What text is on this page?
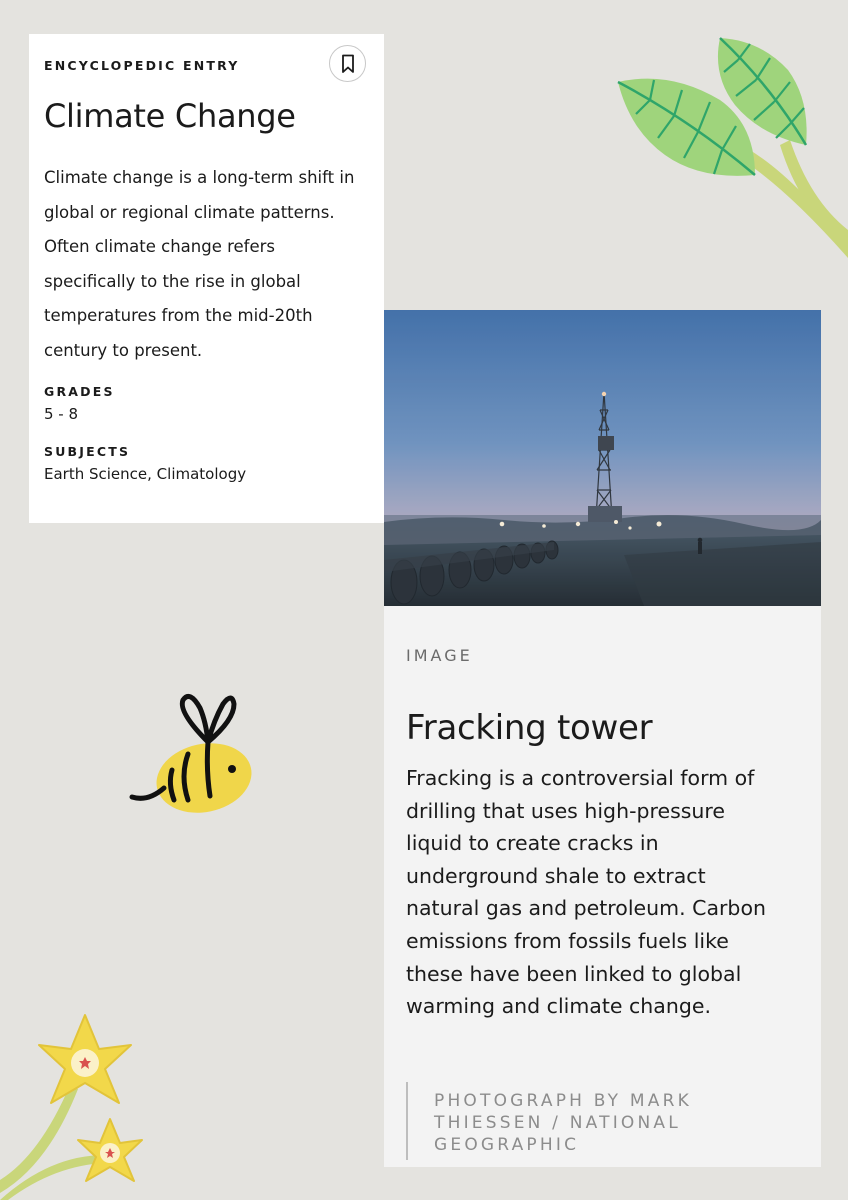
ENCYCLOPEDIC ENTRY

Climate Change

Climate change is a long-term shift in global or regional climate patterns. Often climate change refers specifically to the rise in global temperatures from the mid-20th century to present.

GRADES

5 - 8

SUBJECTS

Earth Science, Climatology

IMAGE

Fracking tower

Fracking is a controversial form of drilling that uses high-pressure liquid to create cracks in underground shale to extract natural gas and petroleum. Carbon emissions from fossils fuels like these have been linked to global warming and climate change.

PHOTOGRAPH BY MARK THIESSEN / NATIONAL GEOGRAPHIC
